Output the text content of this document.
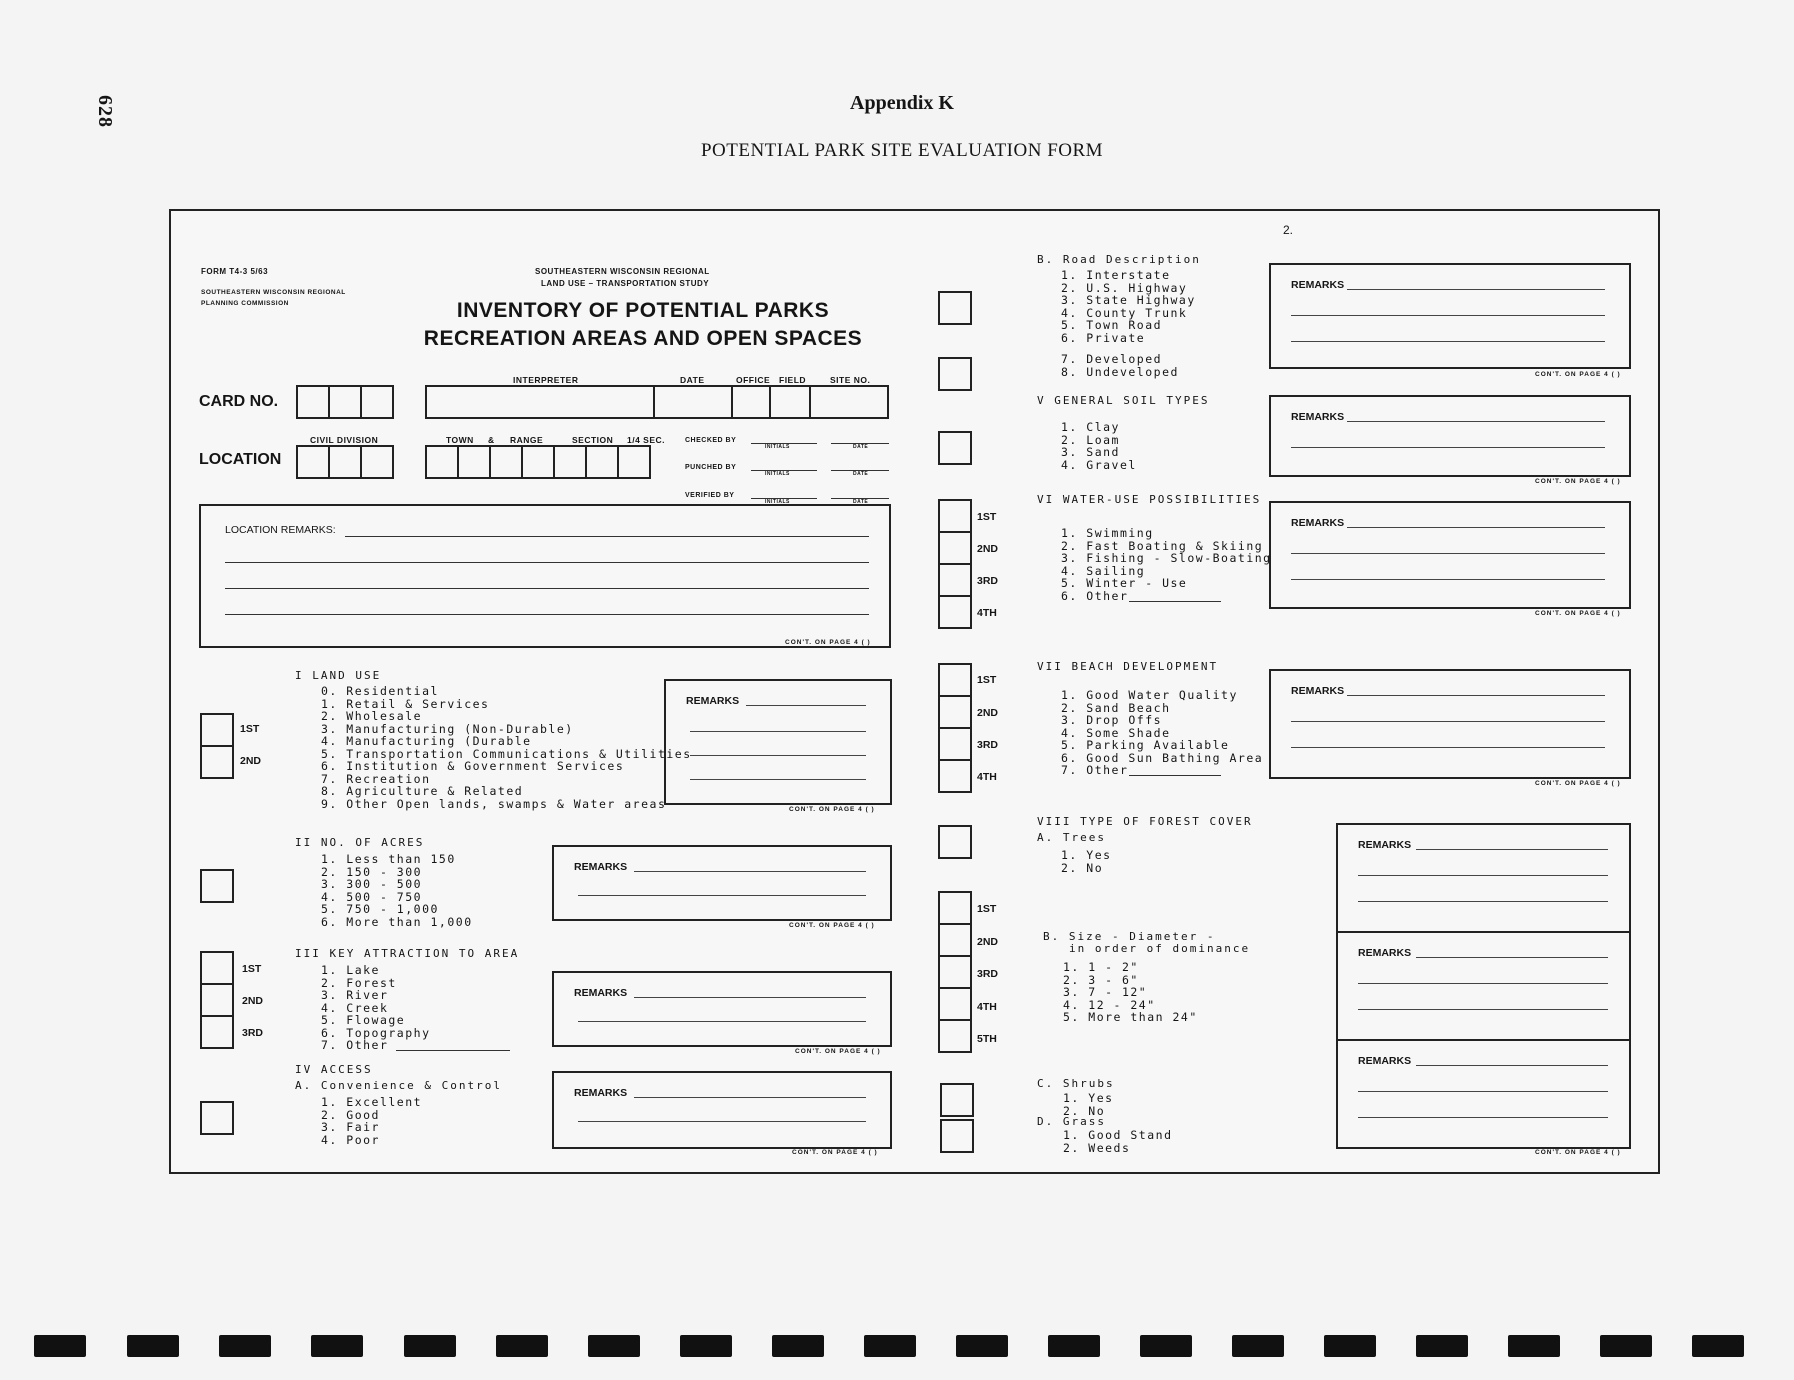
628	Appendix K
POTENTIAL PARK SITE EVALUATION FORM
2.
FORM T4-3 5/63
SOUTHEASTERN WISCONSIN REGIONAL
PLANNING COMMISSION
SOUTHEASTERN WISCONSIN REGIONAL
LAND USE – TRANSPORTATION STUDY
INVENTORY OF POTENTIAL PARKS
RECREATION AREAS AND OPEN SPACES
CARD NO.
INTERPRETER	DATE	OFFICE FIELD	SITE NO.
LOCATION
CIVIL DIVISION	TOWN & RANGE	SECTION 1/4 SEC.	CHECKED BY
INITIALS	DATE
PUNCHED BY
INITIALS	DATE
VERIFIED BY
INITIALS	DATE
LOCATION REMARKS:
CON'T. ON PAGE 4 ( )
I LAND USE
0. Residential
1. Retail & Services
2. Wholesale
3. Manufacturing (Non-Durable)
4. Manufacturing (Durable
5. Transportation Communications & Utilities
6. Institution & Government Services
7. Recreation
8. Agriculture & Related
9. Other Open lands, swamps & Water areas
1ST
2ND
REMARKS
CON'T. ON PAGE 4 ( )
II NO. OF ACRES
1. Less than 150
2. 150 - 300
3. 300 - 500
4. 500 - 750
5. 750 - 1,000
6. More than 1,000
REMARKS
CON'T. ON PAGE 4 ( )
III KEY ATTRACTION TO AREA
1. Lake
2. Forest
3. River
4. Creek
5. Flowage
6. Topography
7. Other
1ST
2ND
3RD
REMARKS
CON'T. ON PAGE 4 ( )
IV ACCESS
A. Convenience & Control
1. Excellent
2. Good
3. Fair
4. Poor
REMARKS
CON'T. ON PAGE 4 ( )
1ST
2ND
3RD
4TH
1ST
2ND
3RD
4TH
1ST
2ND
3RD
4TH
5TH
B. Road Description
1. Interstate
2. U.S. Highway
3. State Highway
4. County Trunk
5. Town Road
6. Private
7. Developed
8. Undeveloped
REMARKS
CON'T. ON PAGE 4 ( )
V GENERAL SOIL TYPES
1. Clay
2. Loam
3. Sand
4. Gravel
REMARKS
CON'T. ON PAGE 4 ( )
VI WATER-USE POSSIBILITIES
1. Swimming
2. Fast Boating & Skiing
3. Fishing - Slow-Boating
4. Sailing
5. Winter - Use
6. Other
REMARKS
CON'T. ON PAGE 4 ( )
VII BEACH DEVELOPMENT
1. Good Water Quality
2. Sand Beach
3. Drop Offs
4. Some Shade
5. Parking Available
6. Good Sun Bathing Area
7. Other
REMARKS
CON'T. ON PAGE 4 ( )
VIII TYPE OF FOREST COVER
A. Trees
1. Yes
2. No
B. Size - Diameter -
in order of dominance
1. 1 - 2"
2. 3 - 6"
3. 7 - 12"
4. 12 - 24"
5. More than 24"
C. Shrubs
1. Yes
2. No
D. Grass
1. Good Stand
2. Weeds
REMARKS
REMARKS
REMARKS
CON'T. ON PAGE 4 ( )
